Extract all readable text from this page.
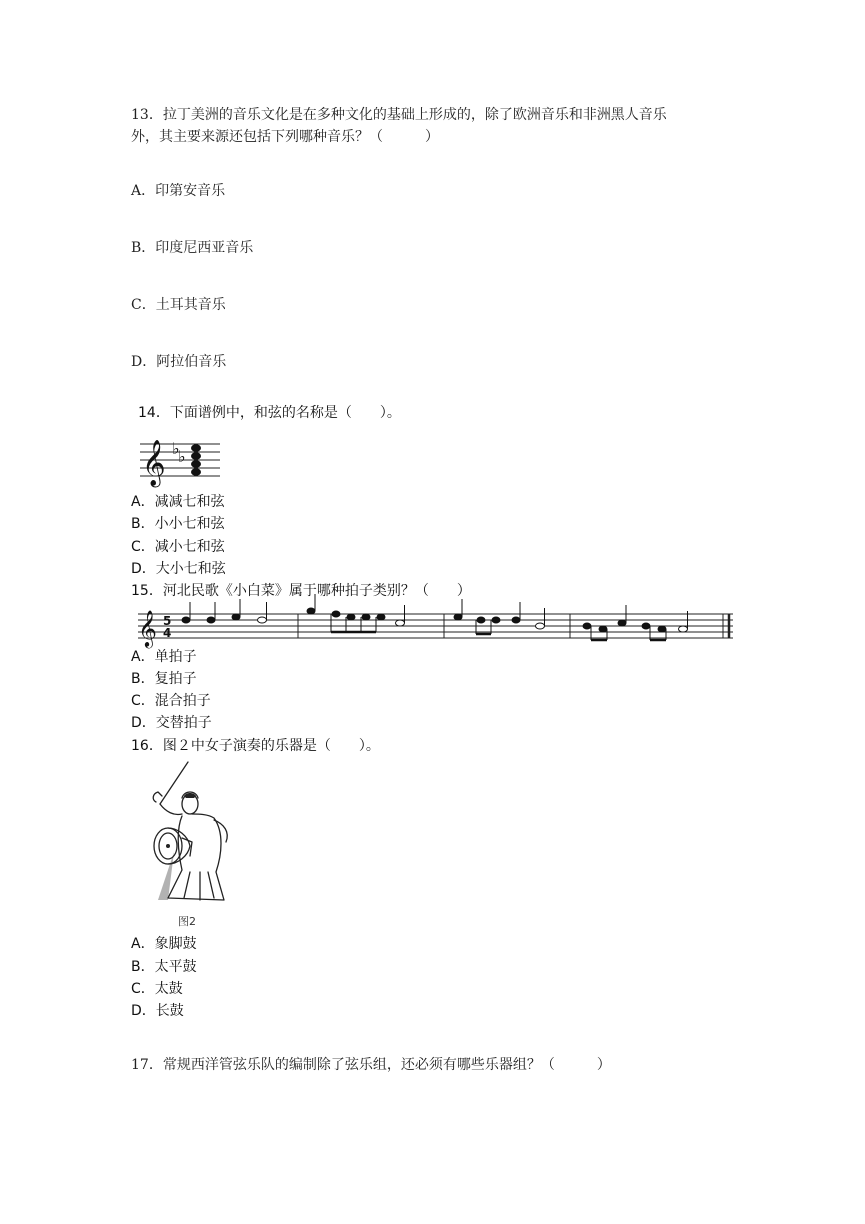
13．拉丁美洲的音乐文化是在多种文化的基础上形成的，除了欧洲音乐和非洲黑人音乐
外，其主要来源还包括下列哪种音乐？（　　　）
A．印第安音乐
B．印度尼西亚音乐
C．土耳其音乐
D．阿拉伯音乐
14．下面谱例中，和弦的名称是（　　）。
𝄞 ♭
♭
A．减减七和弦
B．小小七和弦
C．减小七和弦
D．大小七和弦
15．河北民歌《小白菜》属于哪种拍子类别？（　　）
𝄞 5
4
A．单拍子
B．复拍子
C．混合拍子
D．交替拍子
16．图２中女子演奏的乐器是（　　）。
图2
A．象脚鼓
B．太平鼓
C．太鼓
D．长鼓
17．常规西洋管弦乐队的编制除了弦乐组，还必须有哪些乐器组？（　　　）
